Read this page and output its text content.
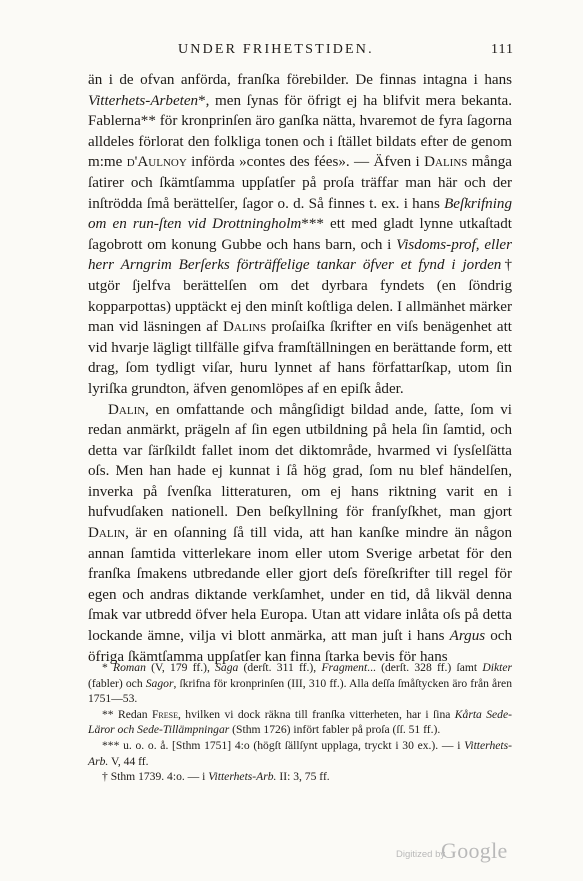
UNDER FRIHETSTIDEN.	111

än i de ofvan anförda, franſka förebilder. De finnas intagna i hans Vitterhets-Arbeten*, men ſynas för öfrigt ej ha blifvit mera bekanta. Fablerna** för kronprinſen äro ganſka nätta, hvaremot de fyra ſagorna alldeles förlorat den folkliga tonen och i ſtället bildats efter de genom m:me d'Aulnoy införda »contes des fées». — Äfven i Dalins många ſatirer och ſkämtſamma uppſatſer på proſa träffar man här och der inſtrödda ſmå berättelſer, ſagor o. d. Så finnes t. ex. i hans Beſkrifning om en run-ſten vid Drottningholm*** ett med gladt lynne utkaſtadt ſagobrott om konung Gubbe och hans barn, och i Visdoms-prof, eller herr Arngrim Berſerks förträffelige tankar öfver et fynd i jorden† utgör ſjelfva berättelſen om det dyrbara fyndets (en ſöndrig kopparpottas) upptäckt ej den minſt koſtliga delen. I allmänhet märker man vid läsningen af Dalins proſaiſka ſkrifter en viſs benägenhet att vid hvarje lägligt tillfälle gifva framſtällningen en berättande form, ett drag, ſom tydligt viſar, huru lynnet af hans författarſkap, utom ſin lyriſka grundton, äfven genomlöpes af en epiſk åder.

Dalin, en omfattande och mångſidigt bildad ande, ſatte, ſom vi redan anmärkt, prägeln af ſin egen utbildning på hela ſin ſamtid, och detta var ſärſkildt fallet inom det diktområde, hvarmed vi ſysſelſätta oſs. Men han hade ej kunnat i ſå hög grad, ſom nu blef händelſen, inverka på ſvenſka litteraturen, om ej hans riktning varit en i hufvudſaken nationell. Den beſkyllning för franſyſkhet, man gjort Dalin, är en oſanning ſå till vida, att han kanſke mindre än någon annan ſamtida vitterlekare inom eller utom Sverige arbetat för den franſka ſmakens utbredande eller gjort deſs föreſkrifter till regel för egen och andras diktande verkſamhet, under en tid, då likväl denna ſmak var utbredd öfver hela Europa. Utan att vidare inlåta oſs på detta lockande ämne, vilja vi blott anmärka, att man juſt i hans Argus och öfriga ſkämtſamma uppſatſer kan finna ſtarka bevis för hans

* Roman (V, 179 ff.), Saga (derſt. 311 ff.), Fragment... (derſt. 328 ff.) ſamt Dikter (fabler) och Sagor, ſkrifna för kronprinſen (III, 310 ff.). Alla deſſa ſmåſtycken äro från åren 1751—53.

** Redan Frese, hvilken vi dock räkna till franſka vitterheten, har i ſina Kårta Sede-Läror och Sede-Tillämpningar (Sthm 1726) infört fabler på proſa (ſſ. 51 ff.).

*** u. o. o. å. [Sthm 1751] 4:o (högſt ſällſynt upplaga, tryckt i 30 ex.). — i Vitterhets-Arb. V, 44 ff.

† Sthm 1739. 4:o. — i Vitterhets-Arb. II: 3, 75 ff.

Digitized by
Google
